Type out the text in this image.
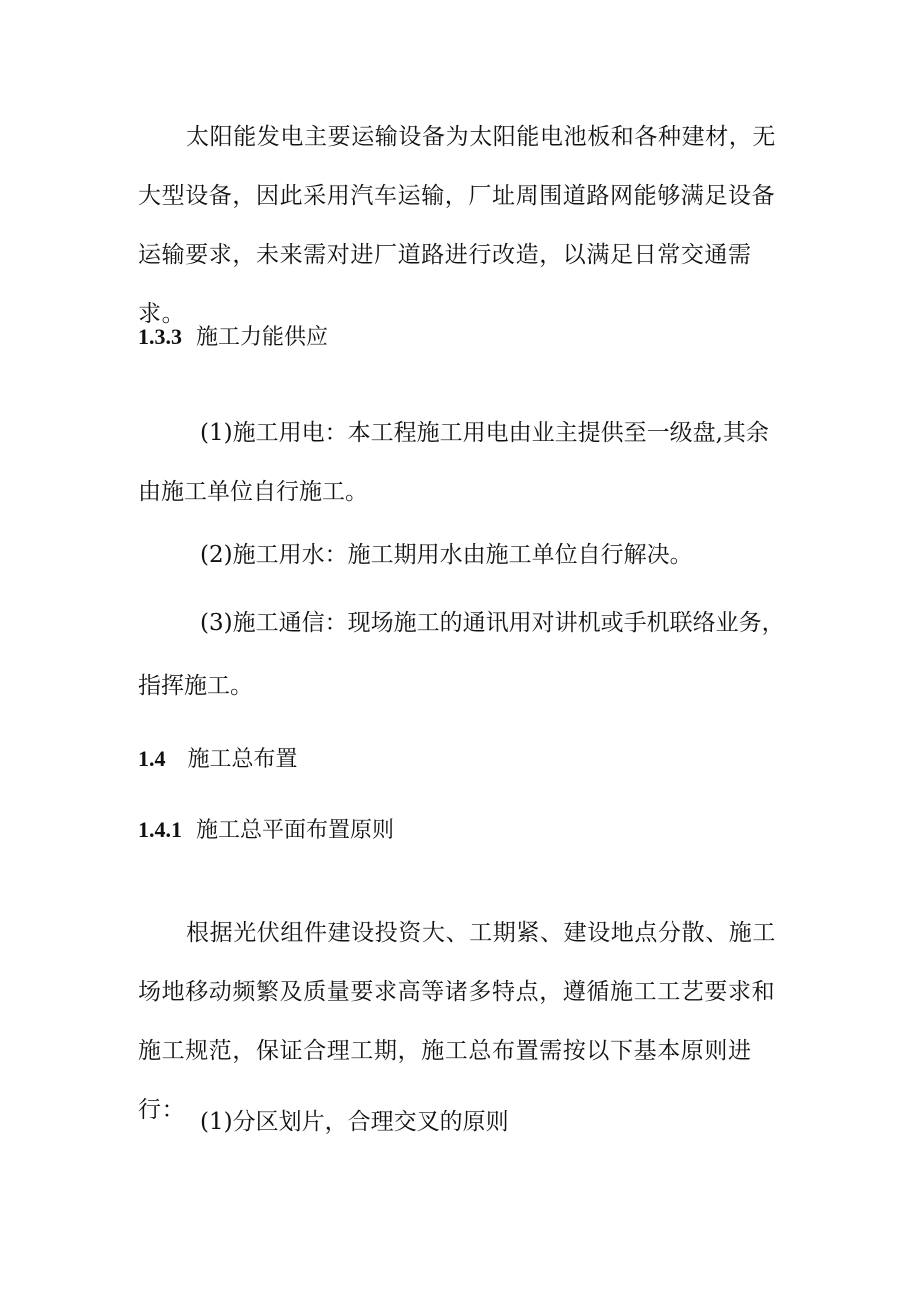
太阳能发电主要运输设备为太阳能电池板和各种建材，无大型设备，因此采用汽车运输，厂址周围道路网能够满足设备运输要求，未来需对进厂道路进行改造，以满足日常交通需求。

1.3.3 施工力能供应
(1)施工用电：本工程施工用电由业主提供至一级盘,其余
由施工单位自行施工。
(2)施工用水：施工期用水由施工单位自行解决。
(3)施工通信：现场施工的通讯用对讲机或手机联络业务，
指挥施工。
1.4 施工总布置
1.4.1 施工总平面布置原则

根据光伏组件建设投资大、工期紧、建设地点分散、施工场地移动频繁及质量要求高等诸多特点，遵循施工工艺要求和施工规范，保证合理工期，施工总布置需按以下基本原则进行： (1)分区划片，合理交叉的原则
